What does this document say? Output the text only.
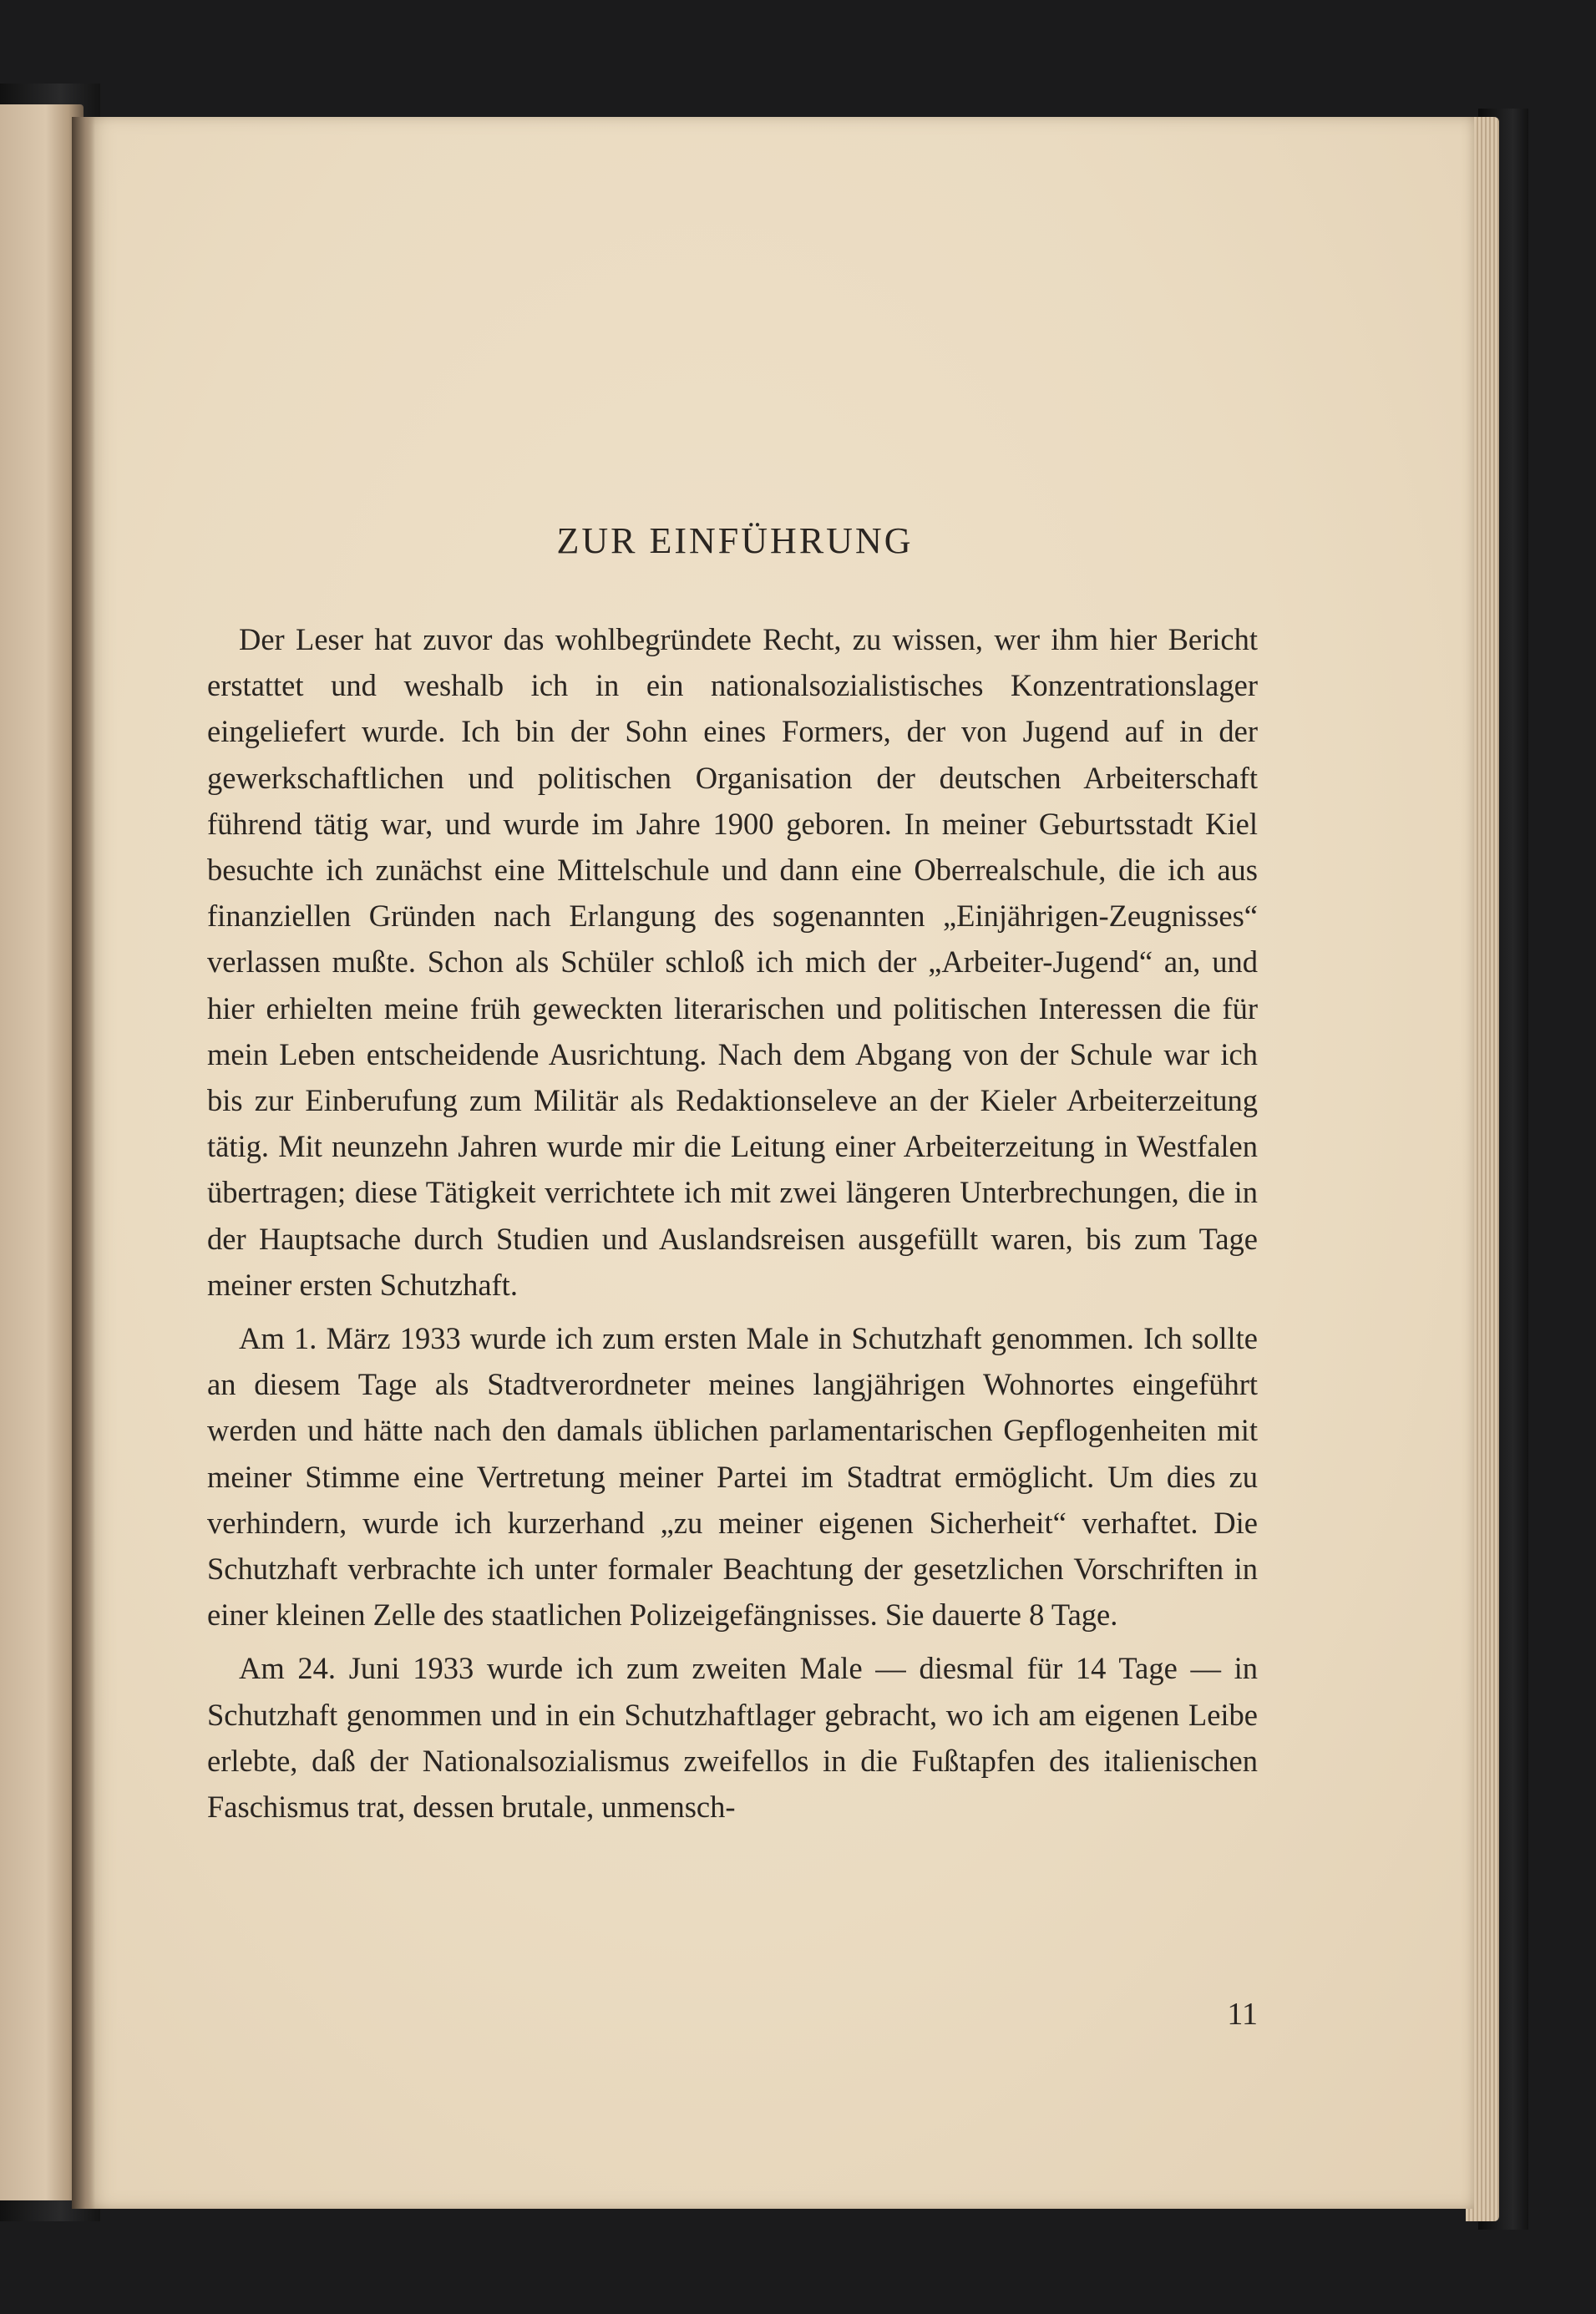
ZUR EINFÜHRUNG

Der Leser hat zuvor das wohlbegründete Recht, zu wissen, wer ihm hier Bericht erstattet und weshalb ich in ein nationalsozialistisches Konzentrationslager eingeliefert wurde. Ich bin der Sohn eines Formers, der von Jugend auf in der gewerkschaftlichen und politischen Organisation der deutschen Arbeiterschaft führend tätig war, und wurde im Jahre 1900 geboren. In meiner Geburtsstadt Kiel besuchte ich zunächst eine Mittelschule und dann eine Oberrealschule, die ich aus finanziellen Gründen nach Erlangung des sogenannten „Einjährigen-Zeugnisses“ verlassen mußte. Schon als Schüler schloß ich mich der „Arbeiter-Jugend“ an, und hier erhielten meine früh geweckten literarischen und politischen Interessen die für mein Leben entscheidende Ausrichtung. Nach dem Abgang von der Schule war ich bis zur Einberufung zum Militär als Redaktionseleve an der Kieler Arbeiterzeitung tätig. Mit neunzehn Jahren wurde mir die Leitung einer Arbeiterzeitung in Westfalen übertragen; diese Tätigkeit verrichtete ich mit zwei längeren Unterbrechungen, die in der Hauptsache durch Studien und Auslandsreisen ausgefüllt waren, bis zum Tage meiner ersten Schutzhaft.

Am 1. März 1933 wurde ich zum ersten Male in Schutzhaft genommen. Ich sollte an diesem Tage als Stadtverordneter meines langjährigen Wohnortes eingeführt werden und hätte nach den damals üblichen parlamentarischen Gepflogenheiten mit meiner Stimme eine Vertretung meiner Partei im Stadtrat ermöglicht. Um dies zu verhindern, wurde ich kurzerhand „zu meiner eigenen Sicherheit“ verhaftet. Die Schutzhaft verbrachte ich unter formaler Beachtung der gesetzlichen Vorschriften in einer kleinen Zelle des staatlichen Polizeigefängnisses. Sie dauerte 8 Tage.

Am 24. Juni 1933 wurde ich zum zweiten Male — diesmal für 14 Tage — in Schutzhaft genommen und in ein Schutzhaftlager gebracht, wo ich am eigenen Leibe erlebte, daß der Nationalsozialismus zweifellos in die Fußtapfen des italienischen Faschismus trat, dessen brutale, unmensch-

11
